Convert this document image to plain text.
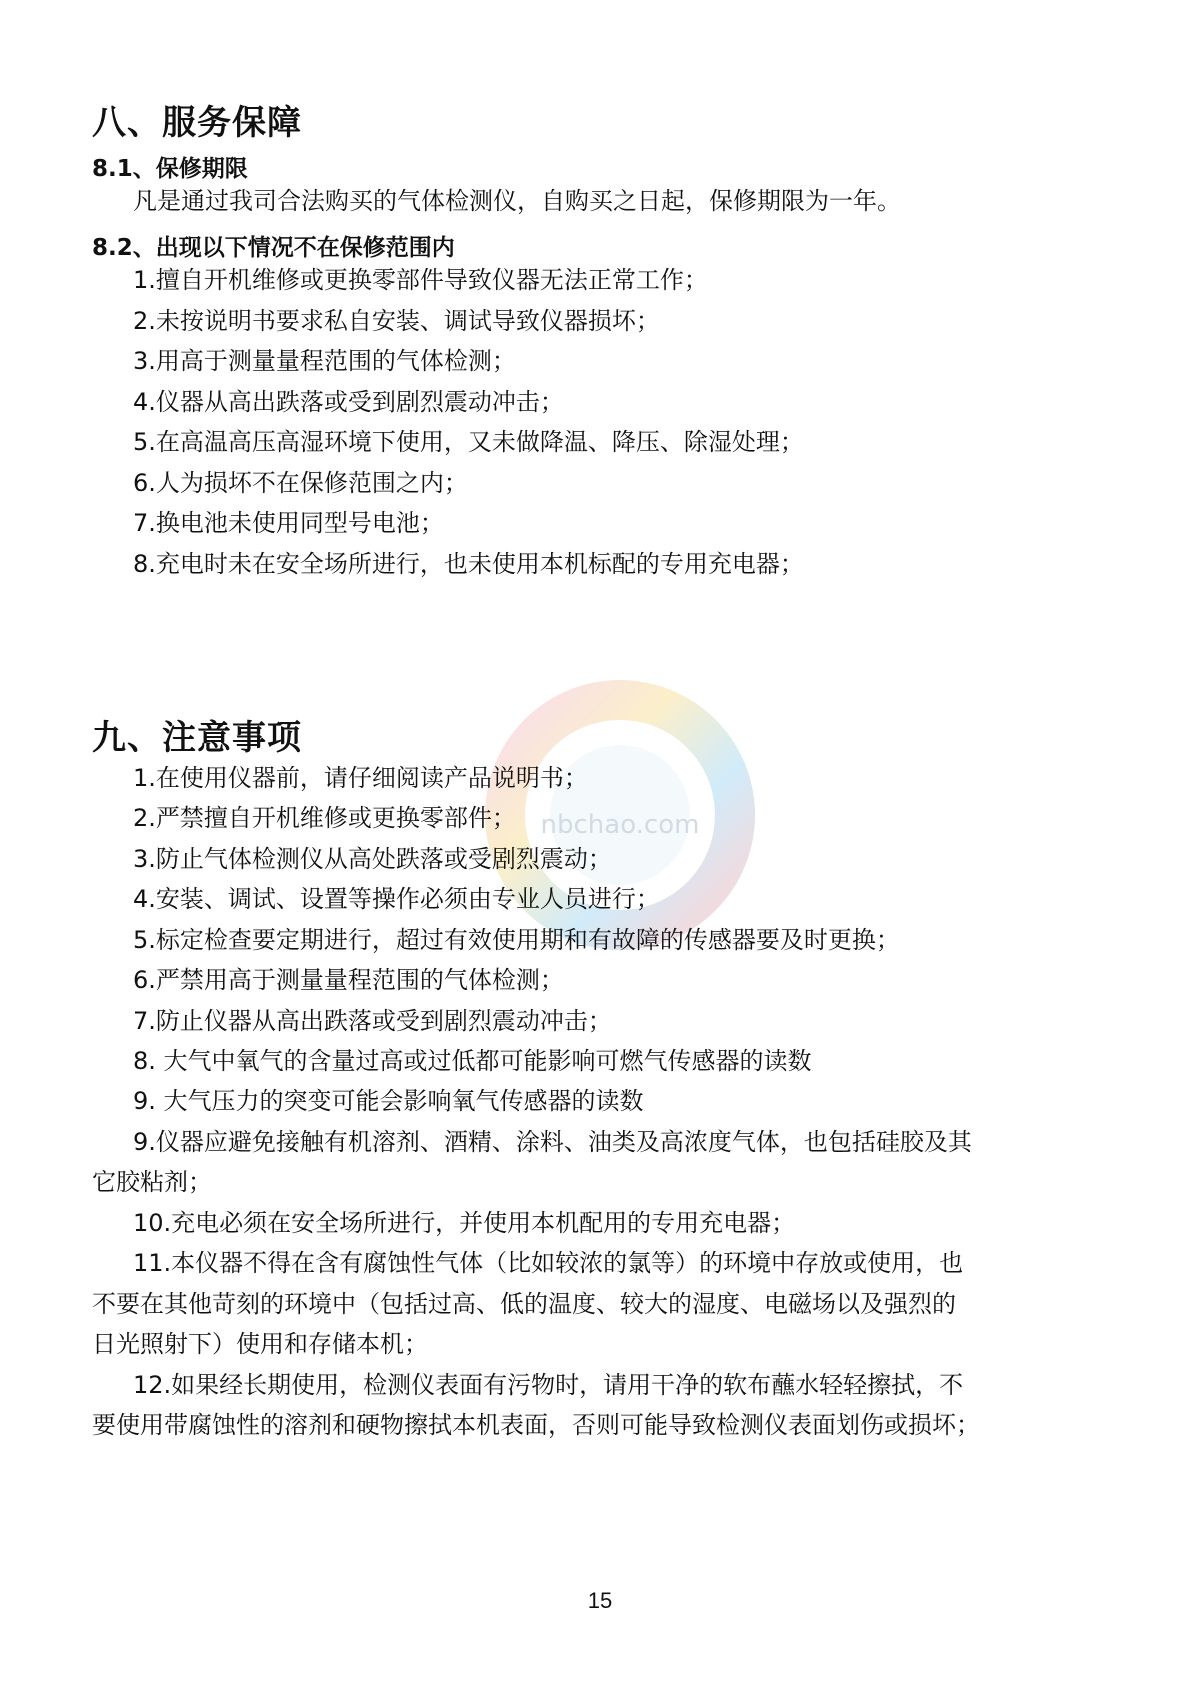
nbchao.com
八、服务保障
8.1、保修期限
凡是通过我司合法购买的气体检测仪，自购买之日起，保修期限为一年。
8.2、出现以下情况不在保修范围内
1.擅自开机维修或更换零部件导致仪器无法正常工作；
2.未按说明书要求私自安装、调试导致仪器损坏；
3.用高于测量量程范围的气体检测；
4.仪器从高出跌落或受到剧烈震动冲击；
5.在高温高压高湿环境下使用，又未做降温、降压、除湿处理；
6.人为损坏不在保修范围之内；
7.换电池未使用同型号电池；
8.充电时未在安全场所进行，也未使用本机标配的专用充电器；
九、注意事项
1.在使用仪器前，请仔细阅读产品说明书；
2.严禁擅自开机维修或更换零部件；
3.防止气体检测仪从高处跌落或受剧烈震动；
4.安装、调试、设置等操作必须由专业人员进行；
5.标定检查要定期进行，超过有效使用期和有故障的传感器要及时更换；
6.严禁用高于测量量程范围的气体检测；
7.防止仪器从高出跌落或受到剧烈震动冲击；
8. 大气中氧气的含量过高或过低都可能影响可燃气传感器的读数
9. 大气压力的突变可能会影响氧气传感器的读数
9.仪器应避免接触有机溶剂、酒精、涂料、油类及高浓度气体，也包括硅胶及其
它胶粘剂；
10.充电必须在安全场所进行，并使用本机配用的专用充电器；
11.本仪器不得在含有腐蚀性气体（比如较浓的氯等）的环境中存放或使用，也
不要在其他苛刻的环境中（包括过高、低的温度、较大的湿度、电磁场以及强烈的
日光照射下）使用和存储本机；
12.如果经长期使用，检测仪表面有污物时，请用干净的软布蘸水轻轻擦拭，不
要使用带腐蚀性的溶剂和硬物擦拭本机表面，否则可能导致检测仪表面划伤或损坏；
15
